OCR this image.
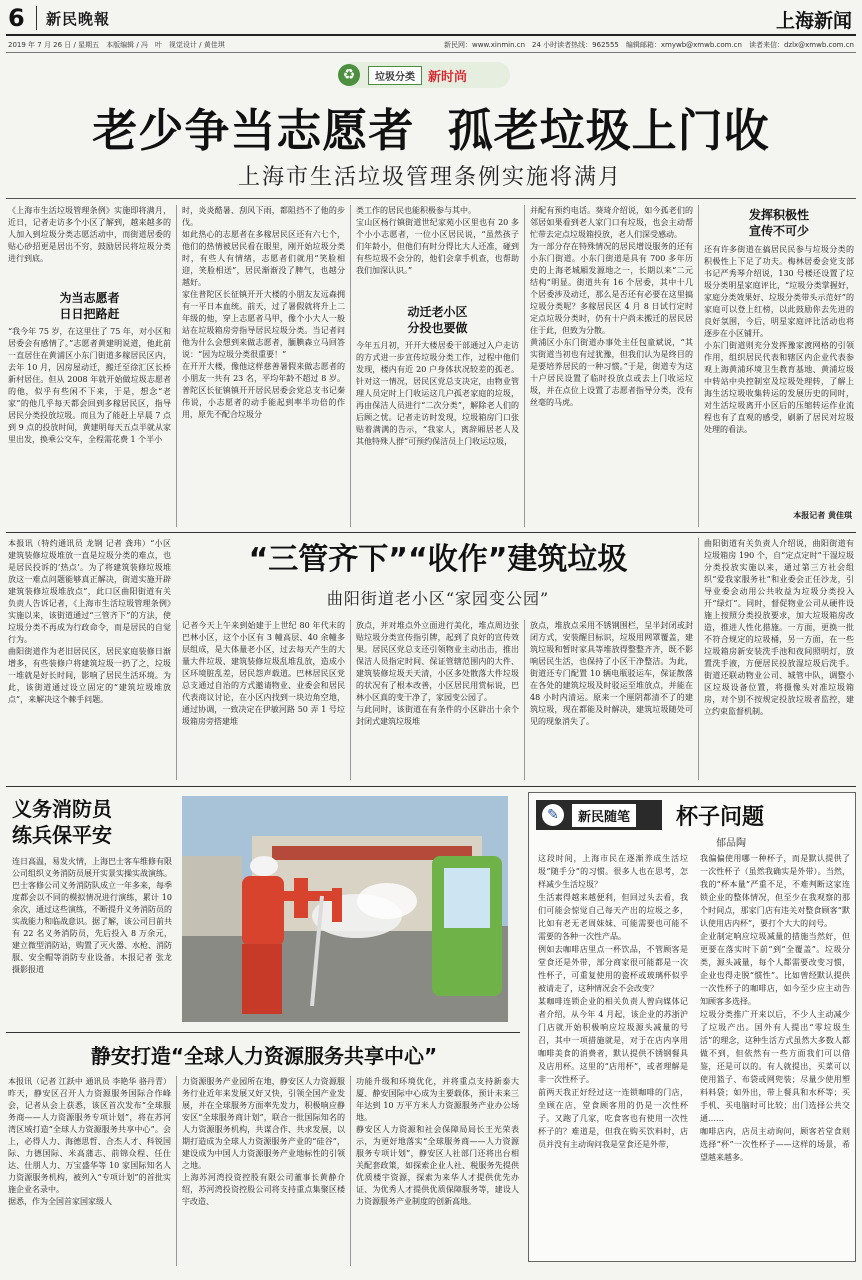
6 新民晚報	上海新闻
2019 年 7 月 26 日 / 星期五　本版编辑 / 冯　叶　视觉设计 / 黄佳琪	新民网：www.xinmin.cn　24 小时读者热线：962555　编辑邮箱：xmywb@xmwb.com.cn　读者来信：dzlx@xmwb.com.cn
♻	垃圾分类	新时尚
老少争当志愿者  孤老垃圾上门收
上海市生活垃圾管理条例实施将满月
《上海市生活垃圾管理条例》实施即将满月，近日，记者走访多个小区了解到，越来越多的人加入到垃圾分类志愿活动中，而街道居委的贴心砂招更是居出不穷，鼓励居民将垃圾分类进行到底。
为当志愿者
日日把路赶
“我今年 75 岁，在这里住了 75 年，对小区和居委会有感情了。”志愿者黄建明说道，他此前一直居住在黄浦区小东门街道多稼居民区内，去年 10 月，因房屋动迁，搬迁至徐汇区长桥新村居住。但从 2008 年就开始做垃圾志愿者的他，似乎有些闲不下来，于是，想念“老家”的他几乎每天都会回到多稼居民区，指导居民分类投放垃圾。而且为了能赶上早晨 7 点到 9 点的投放时间，黄建明每天五点半就从家里出发，换乘公交车，全程需花费 1 个半小
时，炎炎酷暑、刮风下雨，都阻挡不了他的步伐。
如此热心的志愿者在多稼居民区还有六七个，他们的热情被居民看在眼里，刚开始垃圾分类时，有些人有情绪，志愿者们就用“笑脸相迎，笑脸相送”，居民渐渐没了脾气，也越分越好。
家住普陀区长征镇开开大楼的小朋友友远森拥有一平日本血统。前天，过了暑假就将升上二年级的他，穿上志愿者马甲，像个小大人一般站在垃圾箱房旁指导居民垃圾分类。当记者问他为什么会想到来做志愿者，腼腆森立马回答说：“因为垃圾分类很重要！”
在开开大楼，像他这样慈善暑假来做志愿者的小朋友一共有 23 名，平均年龄不超过 8 岁。普陀区长征镇镇开开居民居委会党总支书记秦伟说，小志愿者的动手能起到率半功倍的作用，原先不配合垃圾分
类工作的居民也能积极参与其中。
宝山区杨行镇街道世纪家苑小区里也有 20 多个小小志愿者，一位小区居民说，“虽然孩子们年龄小，但他们有时分得比大人还准，碰到有些垃圾不会分的，他们会拿手机查，也帮助我们加深认识。”
动迁老小区
分投也要做
今年五月初，开开大楼居委干部通过入户走访的方式进一步宣传垃圾分类工作，过程中他们发现，楼内有近 20 户身体状况较差的孤老。针对这一情况，居民区党总支决定，由物业管理人员定时上门收运这几户孤老家庭的垃圾，再由保洁人员进行“二次分类”，解除老人们的后顾之忧。记者走访时发现，垃圾箱房门口张贴着满满的告示，“我家人，离辞厢居老人及其他特殊人群”可预约保洁员上门收运垃圾，
并配有预约电话。葵琦介绍说，如今孤老们的邻居如果看到老人家门口有垃圾，也会主动帮忙带去定点垃圾箱投放，老人们深受感动。
为一部分存在特殊情况的居民增设服务的还有小东门街道。小东门街道是具有 700 多年历史的上海老城厢发源地之一，长期以来“二元结构”明显。街道共有 16 个居委，其中十几个居委涉及动迁，那么是否还有必要在这里搞垃圾分类呢？多稼居民区 4 月 8 日试行定时定点垃圾分类时，仍有十户尚未搬迁的居民居住于此，但致为分散。
黄浦区小东门街道办事处主任包童斌说，“其实街道当初也有过犹豫，但我们认为是终目的是要培养居民的一种习惯。”于是，街道专为这十户居民设置了临时投放点或去上门收运垃圾，并在点位上设置了志愿者指导分类，没有丝毫的马虎。
发挥积极性
宣传不可少
还有许多街道在搞居民民参与垃圾分类的积极性上下足了功夫。梅林居委会党支部书记严秀琴介绍说，130 号楼还设置了垃圾分类明星家庭评比，“垃圾分类掌握好，家庭分类效果好、垃圾分类带头示范好”的家庭可以登上红榜，以此鼓励你去先进的良好氛围，今后，明星家庭评比活动也将逐步在小区铺开。
小东门街道则充分发挥豫家渡网格的引领作用，组织居民代表和辖区内企业代表参观上海黄浦环境卫生教育基地、黄浦垃圾中转站中央控制室及垃圾处理转，了解上海生活垃圾收集转运的发展历史的同时，对生活垃圾离开小区后的压缩转运作业流程也有了直观的感受，刷新了居民对垃圾处理的看法。
本报记者 黄佳琪
本报讯（特约通讯员 龙钢 记者 龚玮）“小区建筑装修垃圾堆放一直是垃圾分类的难点，也是居民投诉的‘热点’。为了将建筑装修垃圾堆放这一难点问题能够真正解决，街道实施开辟建筑装修垃圾堆放点”，此口区曲阳街道有关负责人告诉记者，《上海市生活垃圾管理条例》实施以来，该街道通过“三管齐下”的方法，使垃圾分类不再成为行政命令，而是居民的自觉行为。
曲阳街道作为老旧居民区，居民家庭装修日渐增多，有些装修户将建筑垃圾一扔了之，垃圾一堆就是好长时间，影响了居民生活环境。为此，该街道通过设立固定的“建筑垃圾堆放点”，来解决这个棘手问题。
“三管齐下”“收作”建筑垃圾
曲阳街道老小区“家园变公园”
记者今天上午来到始建于上世纪 80 年代末的巴林小区，这个小区有 3 幢高层、40 余幢多层组成，是大体量老小区，过去每天产生的大量大件垃圾、建筑装修垃圾乱堆乱放，造成小区环境脏乱差，居民怨声载道。巴林居民区党总支通过自治的方式邀请物业、业委会和居民代表商议讨论，在小区内找到一块边角空地，通过协调，一致决定在伊敏河路 50 弄 1 号垃圾箱房旁搭建堆
放点，并对堆点外立面进行美化，堆点周边张贴垃圾分类宣传指引牌，起到了良好的宣传效果。居民区党总支还引领物业主动出击，推出保洁人员指定时间、保证管辖范围内的大件、建筑装修垃圾天天清，小区多处散落大件垃圾的状况有了根本改善，小区居民用赏标说，巴林小区真的变干净了，家园变公园了。
与此同时，该街道在有条件的小区辟出十余个封闭式建筑垃圾堆
放点，堆放点采用不锈钢围栏，呈半封闭或封闭方式，安装醒目标识，垃圾用网罩覆盖，建筑垃圾和暂时家具等堆放得整整齐齐，既不影响居民生活，也保持了小区干净整洁。为此，街道还专门配置 10 辆电瓶驳运车，保证散落在各处的建筑垃圾及时驳运至堆放点，并能在 48 小时内清运。原来一个厘阴都清不了的建筑垃圾，现在都能及时解决，建筑垃圾随处可见的现象消失了。
曲阳街道有关负责人介绍说，曲阳街道有垃圾箱房 190 个，自“定点定时”干湿垃圾分类投放实施以来，通过第三方社会组织”爱我家服务社”和业委会正任沙龙，引导业委会动用公共收益为垃圾分类投入开“绿灯”。同时，督促物业公司从硬件设施上按照分类投放要求，加大垃圾箱房改造，推进人性化措施。一方面，更换一批不符合规定的垃圾桶，另一方面，在一些垃圾箱房新安装洗手池和夜间照明灯，放置洗手液，方便居民投放湿垃圾后洗手。街道还联动物业公司、城管中队，调整小区垃圾设备位置，将摄像头对准垃圾箱房，对个别不按规定投放垃圾者监控，建立约束监督机制。
义务消防员
练兵保平安
连日高温，易发火情，上海巴士客车维修有限公司组织义务消防员展开实景实操实战演练。巴士客修公司义务消防队成立一年多来，每季度都会以不同的模拟情况进行演练，累计 10 余次，通过这些演练，不断提升义务消防员的实战能力和临战意识。据了解，该公司目前共有 22 名义务消防员，先后投入 8 万余元，建立微型消防站，购置了灭火器、水枪、消防服、安全帽等消防专业设备。本报记者 张龙 摄影报道
✎	新民随笔 杯子问题
郁品陶
这段时间，上海市民在逐渐养成生活垃圾“随手分”的习惯。很多人也在思考，怎样减少生活垃圾？
生活素得越来越便利，但回过头去看，我们可能会惊觉自己每天产出的垃圾之多，比如有老无老周妹妹、可能需要也可能不需要的各种一次性产品。
例如去咖啡店里点一杯饮品，不管顾客是堂食还是外带，部分商家很可能都是一次性杯子，可重复使用的瓷杯或玻璃杯似乎被请走了，这种情况会不会改变？
某咖啡连锁企业的相关负责人曾向媒体记者介绍，从今年 4 月起，该企业的苏浙沪门店就开始积极响应垃圾源头减量的号召，其中一项措施就是，对于在店内享用咖啡美食的消费者，默认提供不锈钢餐具及店用杯。这里的“店用杯”，或者理解是非一次性杯子。
前两天我正好经过这一连锁咖啡的门店，坐顾在店，堂食顾客用的仍是一次性杯子。又跑了几家，吃食客也有使用一次性杯子的？难道是，但我在购买饮料时，店员并没有主动询问我是堂食还是外带，
我偏偏使用哪一种杯子，而是默认提供了一次性杯子（虽然我确实是外带）。当然，我的“杯本量”严重不足，不难判断这家连锁企业的整体情况，但至少在我观察的那个时间点，那家门店有违关对整食顾客“默认使用店内杯”，要打个大大的问号。
企业制定响应垃圾减量的措施当然好，但更要在落实时下前“到”全覆盖”。垃圾分类，源头减量，每个人都需要改变习惯，企业也得走脱“惯性”。比如曾经默认提供一次性杯子的咖啡店，如今至少应主动告知顾客多选择。
垃圾分类推广开来以后，不少人主动减少了垃圾产出。国外有人提出“零垃圾生活”的理念，这种生活方式虽然大多数人都做不到，但依然有一些方面我们可以借鉴，还是可以的。有人就提出，买菜可以使用篮子、布袋或网兜装；尽量少使用塑料料袋；如外出，带上餐具和水杯等；买手机、买电脑时可比较；出门选择公共交通……
咖啡店内，店员主动询问，顾客若堂食则选择“杯”一次性杯子——这样的场景，希望越来越多。
静安打造“全球人力资源服务共享中心”
本报讯（记者 江跃中 通讯员 李艳华 骆丹青）昨天，静安区召开人力资源服务国际合作峰会，记者从会上获悉，该区首次发布“全球服务商——人力资源服务专项计划”，将在苏河湾区域打造“全球人力资源服务共享中心”。会上，必得人力、海德思哲、合杰人才、科锐国际、力德国际、米高蒲志、前锦众程、任仕达、仕朋人力、万宝盛华等 10 家国际知名人力资源服务机构，被列入“专项计划”的首批实施企业名录中。
据悉，作为全国首家国家级人
力资源服务产业园所在地，静安区人力资源服务行业近年来发展又好又快，引领全国产业发展，并在全球服务方面率先发力，积极响应静安区“全球服务商计划”，联合一批国际知名的人力资源服务机构，共谋合作、共求发展，以期打造成为全球人力资源服务产业的“硅谷”，建设成为中国人力资源服务产业地标性的引领之地。
上海苏河湾投资控股有限公司董事长黄静介绍，苏河湾投资控股公司将支持重点集聚区楼宇改造、
功能升级和环境优化，并将重点支持新泰大厦、静安国际中心成为主要载体，预计未来三年达到 10 万平方米人力资源服务产业办公场地。
静安区人力资源和社会保障局局长王光荣表示，为更好地落实“全球服务商——人力资源服务专项计划”，静安区人社部门还将出台相关配套政策，如探索企业人社、税服务先提供优质楼宇资源，探索为来华人才提供优先办证、为优秀人才提供优质保障服务等，建设人力资源服务产业制度的创新高地。
